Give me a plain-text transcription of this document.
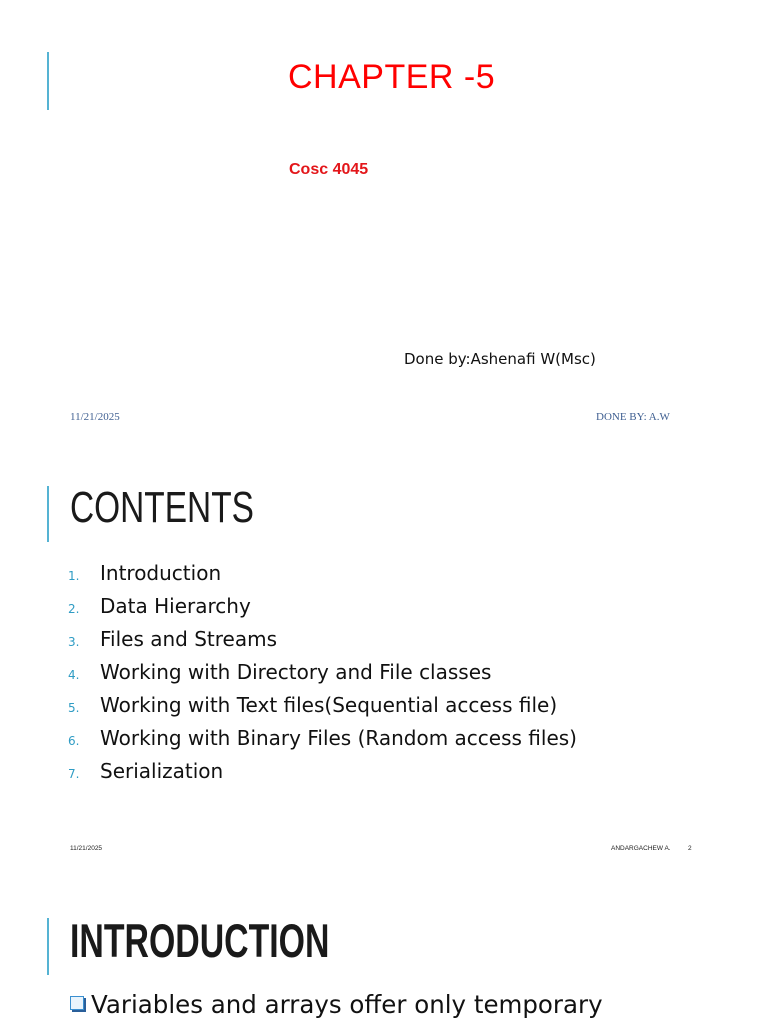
CHAPTER -5
Cosc 4045
Done by:Ashenafi W(Msc)
11/21/2025	DONE BY: A.W
CONTENTS
1.	Introduction
2.	Data Hierarchy
3.	Files and Streams
4.	Working with Directory and File classes
5.	Working with Text files(Sequential access file)
6.	Working with Binary Files (Random access files)
7.	Serialization
11/21/2025	ANDARGACHEW A.	2
INTRODUCTION
Variables and arrays offer only temporary
